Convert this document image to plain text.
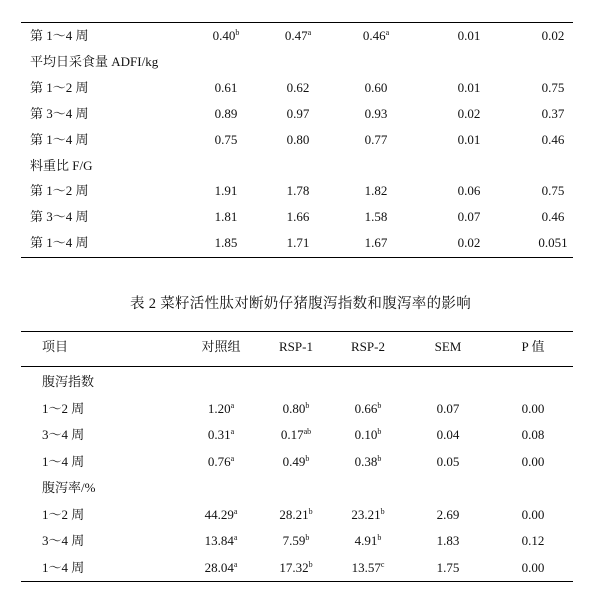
第 1～4 周	0.40$^b$	0.47$^a$	0.46$^a$	0.01	0.02
平均日采食量 ADFI/kg
第 1～2 周	0.61	0.62	0.60	0.01	0.75
第 3～4 周	0.89	0.97	0.93	0.02	0.37
第 1～4 周	0.75	0.80	0.77	0.01	0.46
料重比 F/G
第 1～2 周	1.91	1.78	1.82	0.06	0.75
第 3～4 周	1.81	1.66	1.58	0.07	0.46
第 1～4 周	1.85	1.71	1.67	0.02	0.051
表 2 菜籽活性肽对断奶仔猪腹泻指数和腹泻率的影响
项目	对照组	RSP-1	RSP-2	SEM	P 值
腹泻指数
1～2 周	1.20$^a$	0.80$^b$	0.66$^b$	0.07	0.00
3～4 周	0.31$^a$	0.17$^{ab}$	0.10$^b$	0.04	0.08
1～4 周	0.76$^a$	0.49$^b$	0.38$^b$	0.05	0.00
腹泻率/%
1～2 周	44.29$^a$	28.21$^b$	23.21$^b$	2.69	0.00
3～4 周	13.84$^a$	7.59$^b$	4.91$^b$	1.83	0.12
1～4 周	28.04$^a$	17.32$^b$	13.57$^c$	1.75	0.00
